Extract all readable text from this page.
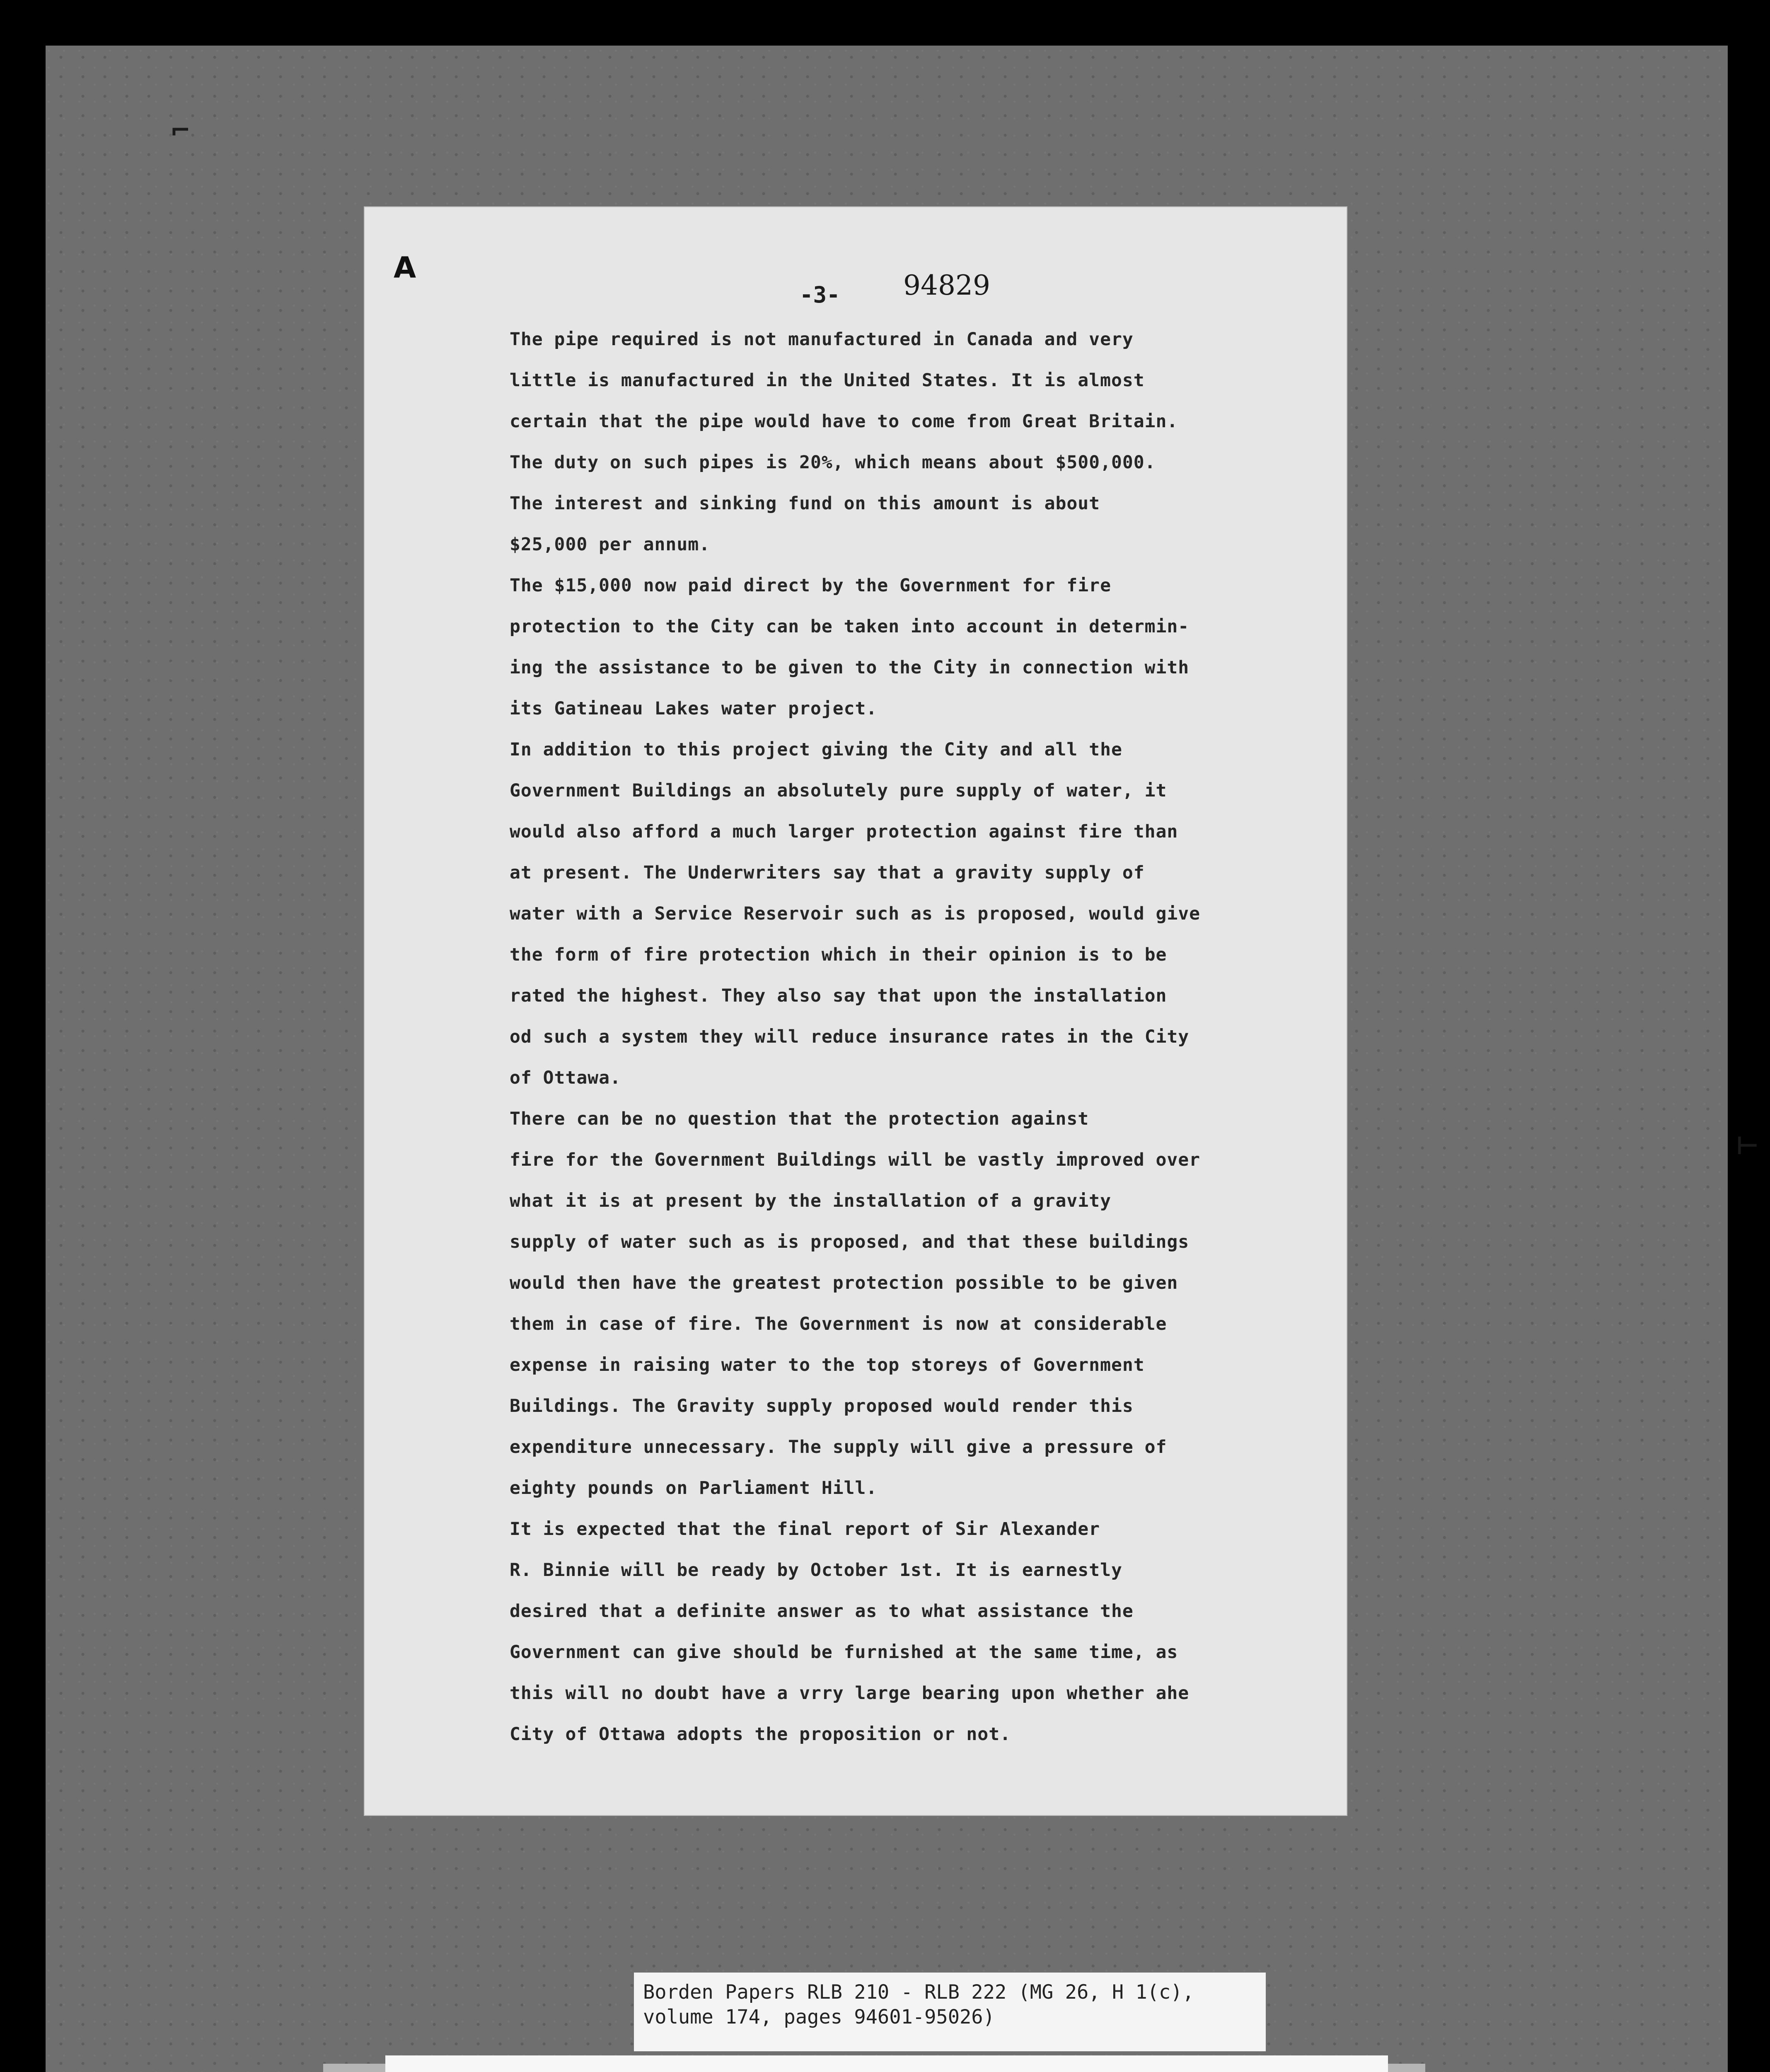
⌐
⊢
A
-3- 94829

The pipe required is not manufactured in Canada and very
little is manufactured in the United States. It is almost
certain that the pipe would have to come from Great Britain.
The duty on such pipes is 20%, which means about $500,000.
The interest and sinking fund on this amount is about
$25,000 per annum.

The $15,000 now paid direct by the Government for fire
protection to the City can be taken into account in determin-
ing the assistance to be given to the City in connection with
its Gatineau Lakes water project.

In addition to this project giving the City and all the
Government Buildings an absolutely pure supply of water, it
would also afford a much larger protection against fire than
at present. The Underwriters say that a gravity supply of
water with a Service Reservoir such as is proposed, would give
the form of fire protection which in their opinion is to be
rated the highest. They also say that upon the installation
od such a system they will reduce insurance rates in the City
of Ottawa.

There can be no question that the protection against
fire for the Government Buildings will be vastly improved over
what it is at present by the installation of a gravity
supply of water such as is proposed, and that these buildings
would then have the greatest protection possible to be given
them in case of fire. The Government is now at considerable
expense in raising water to the top storeys of Government
Buildings. The Gravity supply proposed would render this
expenditure unnecessary. The supply will give a pressure of
eighty pounds on Parliament Hill.

It is expected that the final report of Sir Alexander
R. Binnie will be ready by October 1st. It is earnestly
desired that a definite answer as to what assistance the
Government can give should be furnished at the same time, as
this will no doubt have a vrry large bearing upon whether ahe
City of Ottawa adopts the proposition or not.

Borden Papers RLB 210 - RLB 222 (MG 26, H 1(c),
volume 174, pages 94601-95026)
